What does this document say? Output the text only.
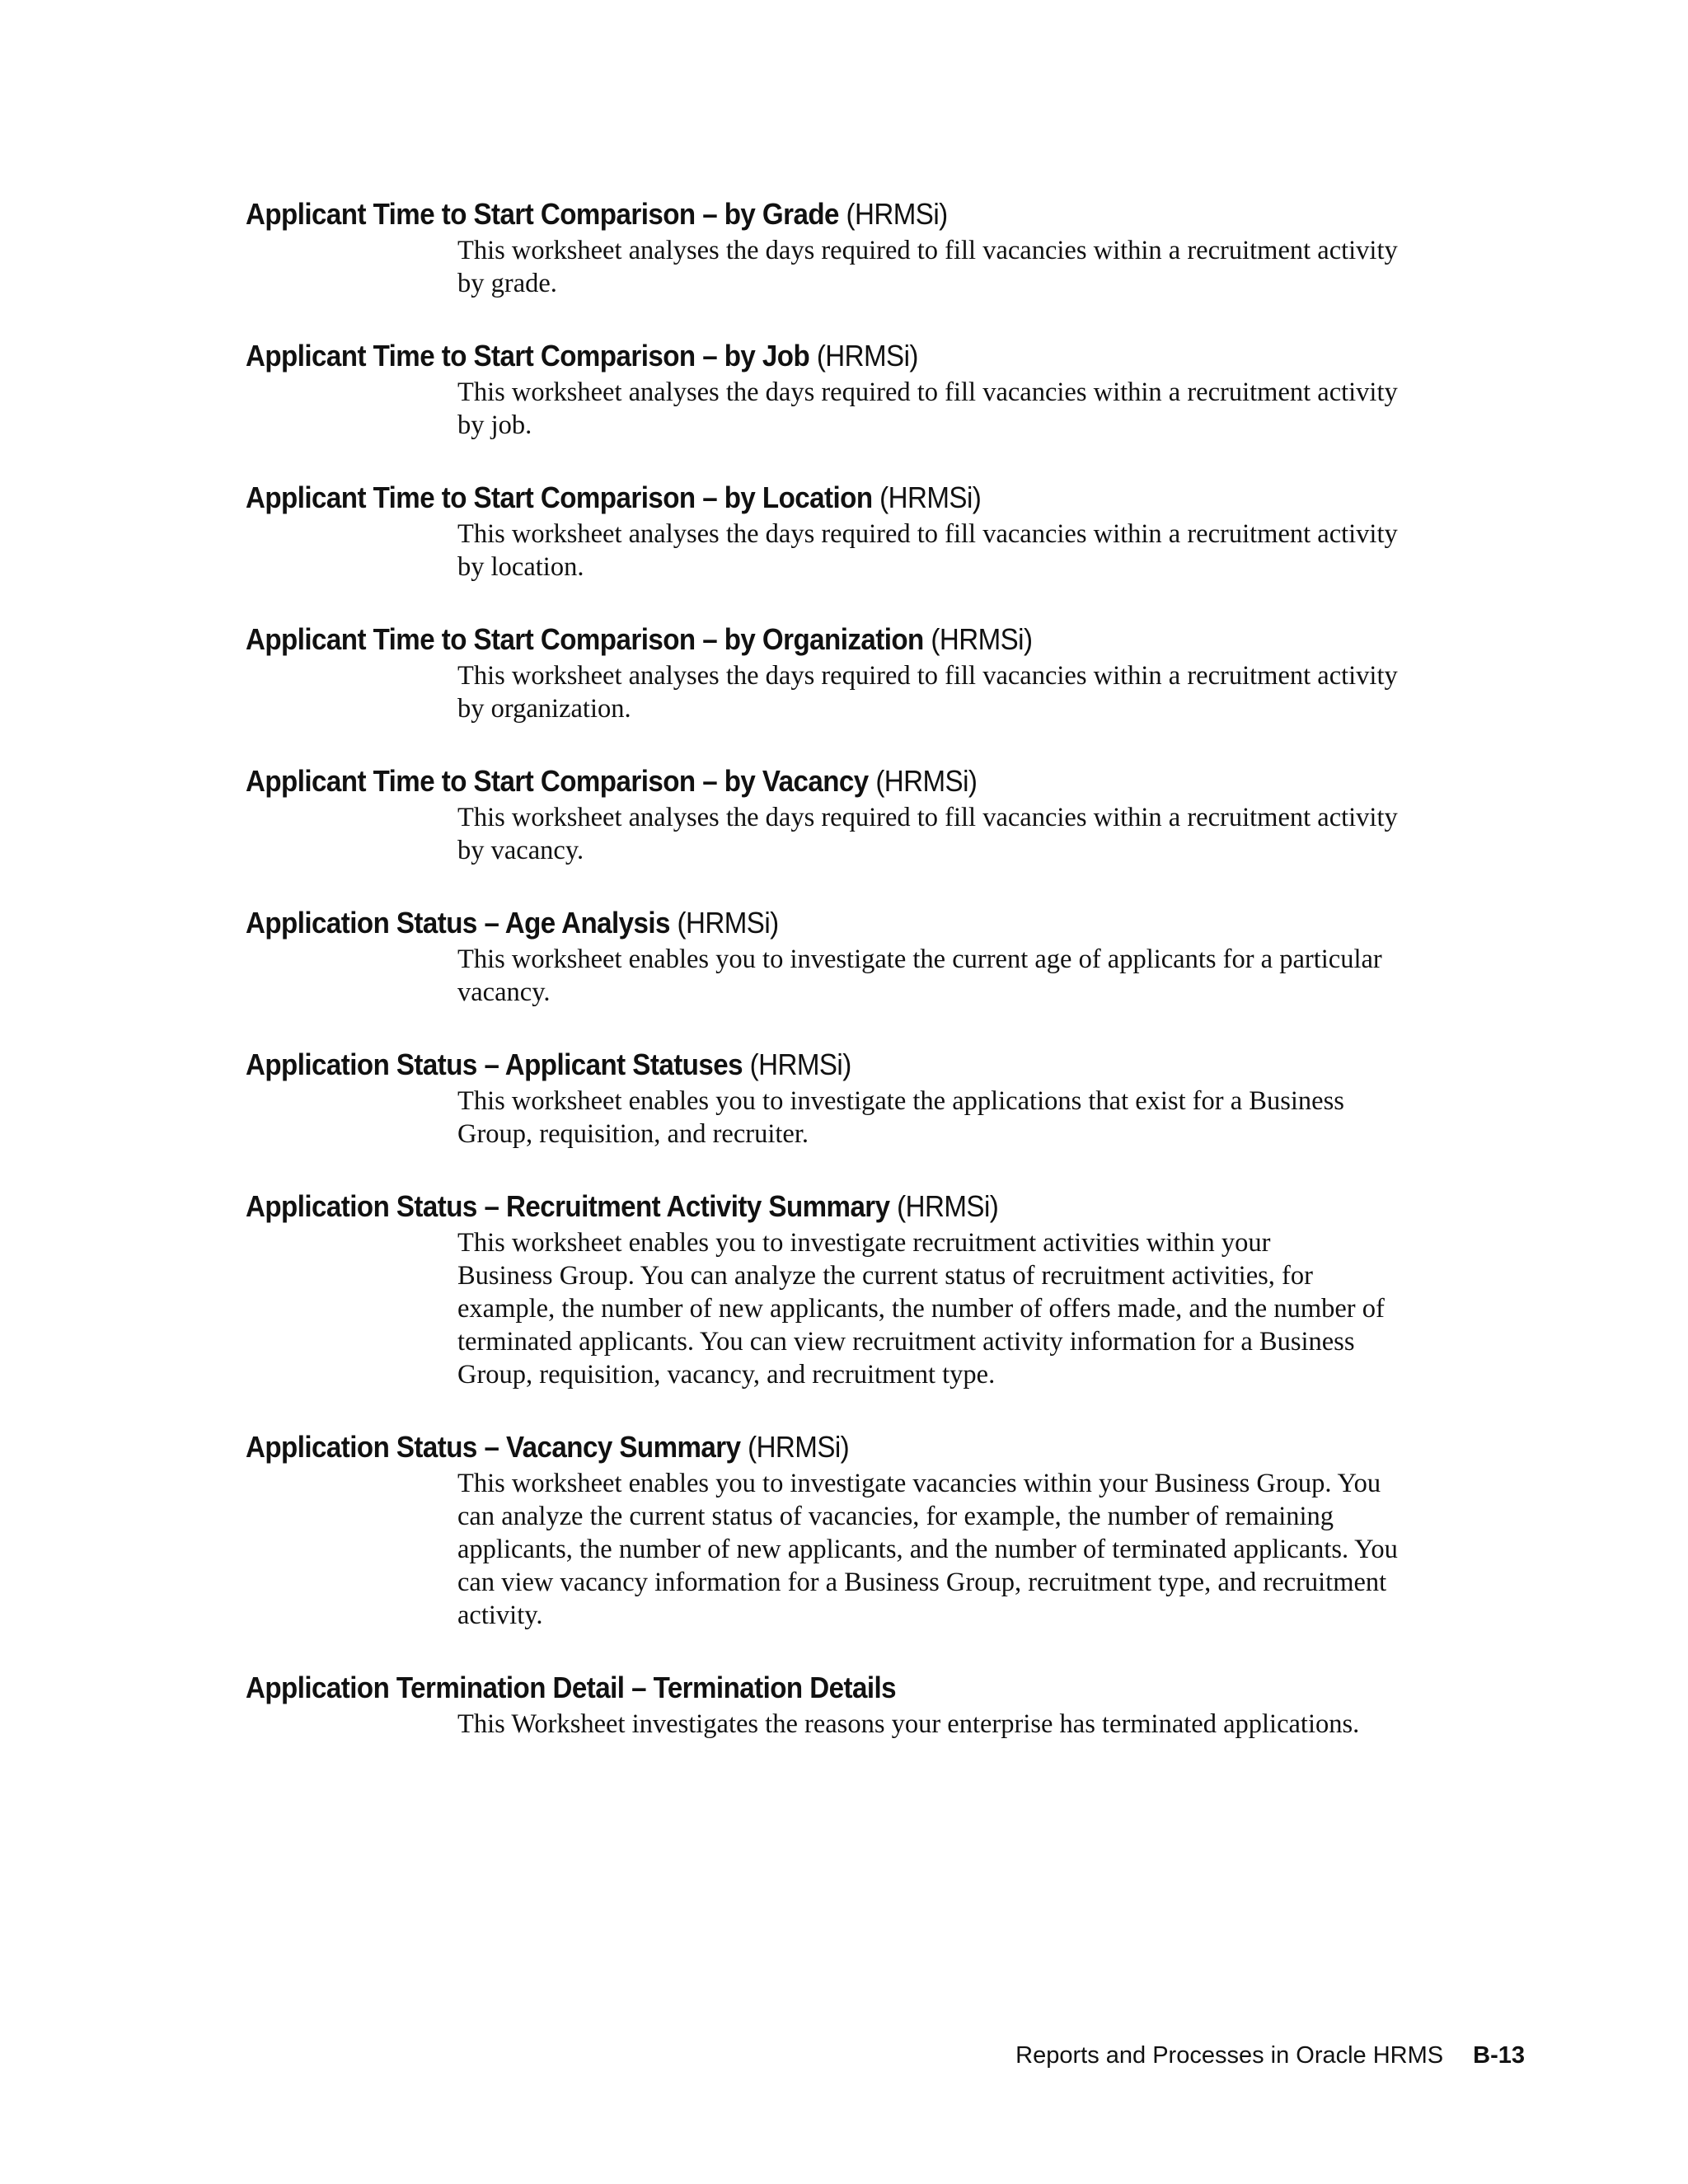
Applicant Time to Start Comparison – by Grade (HRMSi)

This worksheet analyses the days required to fill vacancies within a recruitment activity
by grade.

Applicant Time to Start Comparison – by Job (HRMSi)

This worksheet analyses the days required to fill vacancies within a recruitment activity
by job.

Applicant Time to Start Comparison – by Location (HRMSi)

This worksheet analyses the days required to fill vacancies within a recruitment activity
by location.

Applicant Time to Start Comparison – by Organization (HRMSi)

This worksheet analyses the days required to fill vacancies within a recruitment activity
by organization.

Applicant Time to Start Comparison – by Vacancy (HRMSi)

This worksheet analyses the days required to fill vacancies within a recruitment activity
by vacancy.

Application Status – Age Analysis (HRMSi)

This worksheet enables you to investigate the current age of applicants for a particular
vacancy.

Application Status – Applicant Statuses (HRMSi)

This worksheet enables you to investigate the applications that exist for a Business
Group, requisition, and recruiter.

Application Status – Recruitment Activity Summary (HRMSi)

This worksheet enables you to investigate recruitment activities within your
Business Group. You can analyze the current status of recruitment activities, for
example, the number of new applicants, the number of offers made, and the number of
terminated applicants. You can view recruitment activity information for a Business
Group, requisition, vacancy, and recruitment type.

Application Status – Vacancy Summary (HRMSi)

This worksheet enables you to investigate vacancies within your Business Group. You
can analyze the current status of vacancies, for example, the number of remaining
applicants, the number of new applicants, and the number of terminated applicants. You
can view vacancy information for a Business Group, recruitment type, and recruitment
activity.

Application Termination Detail – Termination Details

This Worksheet investigates the reasons your enterprise has terminated applications.
Reports and Processes in Oracle HRMS B-13
